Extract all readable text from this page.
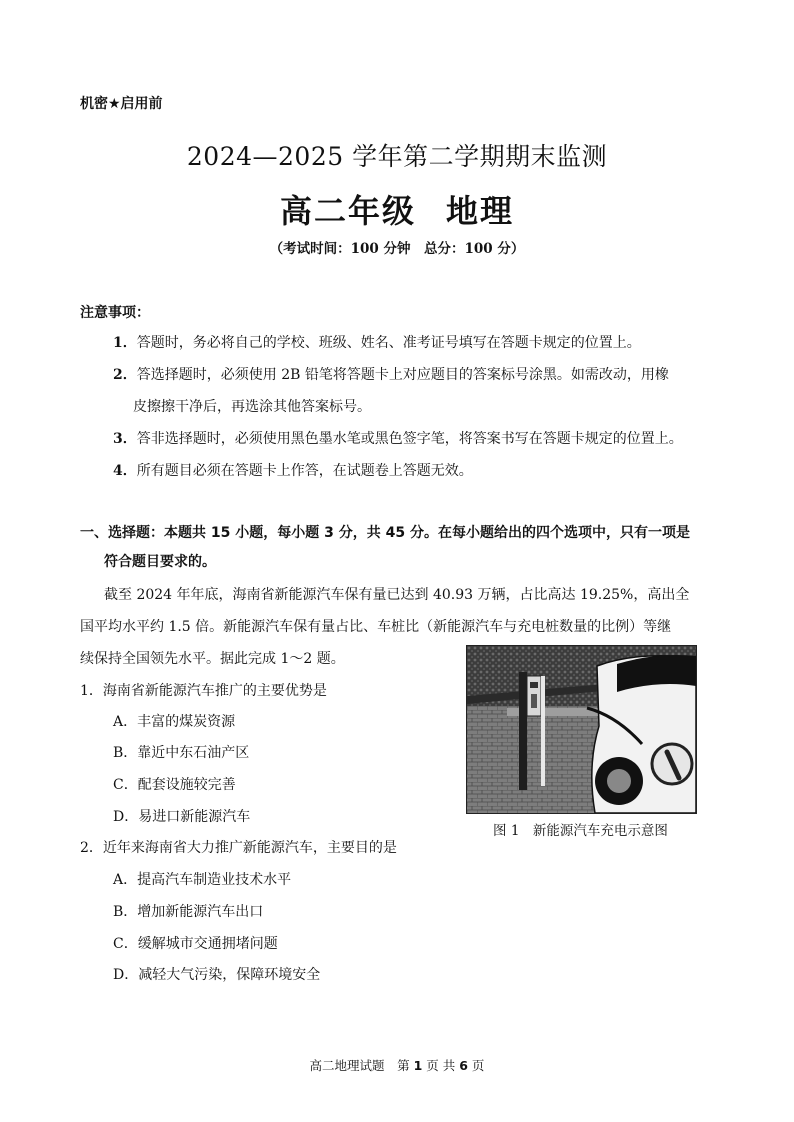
机密★启用前
2024—2025 学年第二学期期末监测
高二年级 地理
（考试时间：100 分钟　总分：100 分）
注意事项：
1．答题时，务必将自己的学校、班级、姓名、准考证号填写在答题卡规定的位置上。
2．答选择题时，必须使用 2B 铅笔将答题卡上对应题目的答案标号涂黑。如需改动，用橡
皮擦擦干净后，再选涂其他答案标号。
3．答非选择题时，必须使用黑色墨水笔或黑色签字笔，将答案书写在答题卡规定的位置上。
4．所有题目必须在答题卡上作答，在试题卷上答题无效。
一、选择题：本题共 15 小题，每小题 3 分，共 45 分。在每小题给出的四个选项中，只有一项是
符合题目要求的。
截至 2024 年年底，海南省新能源汽车保有量已达到 40.93 万辆，占比高达 19.25%，高出全
国平均水平约 1.5 倍。新能源汽车保有量占比、车桩比（新能源汽车与充电桩数量的比例）等继
续保持全国领先水平。据此完成 1～2 题。
1．海南省新能源汽车推广的主要优势是
A．丰富的煤炭资源
B．靠近中东石油产区
C．配套设施较完善
D．易进口新能源汽车
2．近年来海南省大力推广新能源汽车，主要目的是
A．提高汽车制造业技术水平
B．增加新能源汽车出口
C．缓解城市交通拥堵问题
D．减轻大气污染，保障环境安全
图 1　新能源汽车充电示意图
高二地理试题　 第 1 页 共 6 页
